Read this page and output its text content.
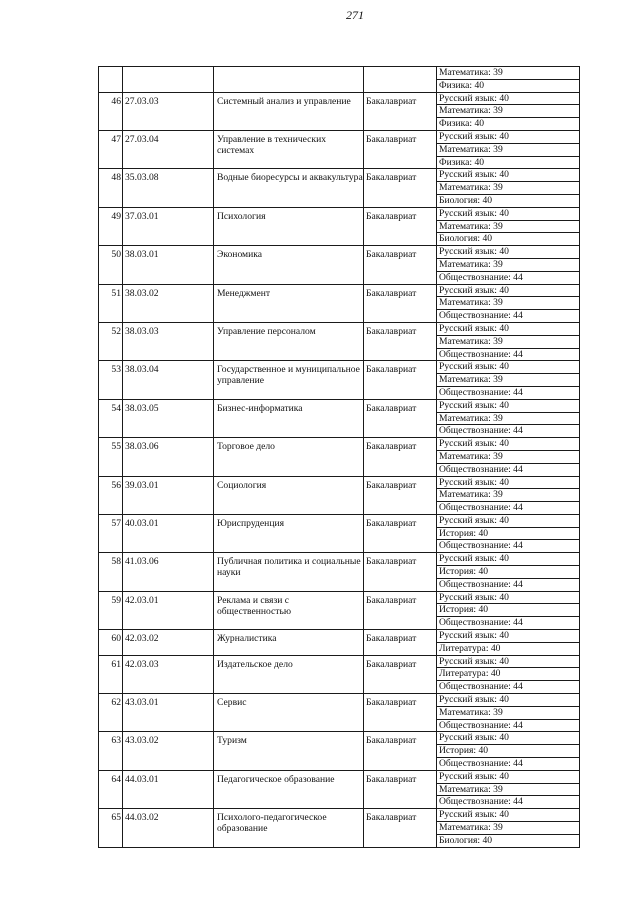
271
				Математика: 39
				Физика: 40
46	27.03.03	Системный анализ и управление	Бакалавриат	Русский язык: 40
				Математика: 39
				Физика: 40
47	27.03.04	Управление в технических системах	Бакалавриат	Русский язык: 40
				Математика: 39
				Физика: 40
48	35.03.08	Водные биоресурсы и аквакультура	Бакалавриат	Русский язык: 40
				Математика: 39
				Биология: 40
49	37.03.01	Психология	Бакалавриат	Русский язык: 40
				Математика: 39
				Биология: 40
50	38.03.01	Экономика	Бакалавриат	Русский язык: 40
				Математика: 39
				Обществознание: 44
51	38.03.02	Менеджмент	Бакалавриат	Русский язык: 40
				Математика: 39
				Обществознание: 44
52	38.03.03	Управление персоналом	Бакалавриат	Русский язык: 40
				Математика: 39
				Обществознание: 44
53	38.03.04	Государственное и муниципальное управление	Бакалавриат	Русский язык: 40
				Математика: 39
				Обществознание: 44
54	38.03.05	Бизнес-информатика	Бакалавриат	Русский язык: 40
				Математика: 39
				Обществознание: 44
55	38.03.06	Торговое дело	Бакалавриат	Русский язык: 40
				Математика: 39
				Обществознание: 44
56	39.03.01	Социология	Бакалавриат	Русский язык: 40
				Математика: 39
				Обществознание: 44
57	40.03.01	Юриспруденция	Бакалавриат	Русский язык: 40
				История: 40
				Обществознание: 44
58	41.03.06	Публичная политика и социальные науки	Бакалавриат	Русский язык: 40
				История: 40
				Обществознание: 44
59	42.03.01	Реклама и связи с общественностью	Бакалавриат	Русский язык: 40
				История: 40
				Обществознание: 44
60	42.03.02	Журналистика	Бакалавриат	Русский язык: 40
				Литература: 40
61	42.03.03	Издательское дело	Бакалавриат	Русский язык: 40
				Литература: 40
				Обществознание: 44
62	43.03.01	Сервис	Бакалавриат	Русский язык: 40
				Математика: 39
				Обществознание: 44
63	43.03.02	Туризм	Бакалавриат	Русский язык: 40
				История: 40
				Обществознание: 44
64	44.03.01	Педагогическое образование	Бакалавриат	Русский язык: 40
				Математика: 39
				Обществознание: 44
65	44.03.02	Психолого-педагогическое образование	Бакалавриат	Русский язык: 40
				Математика: 39
				Биология: 40
